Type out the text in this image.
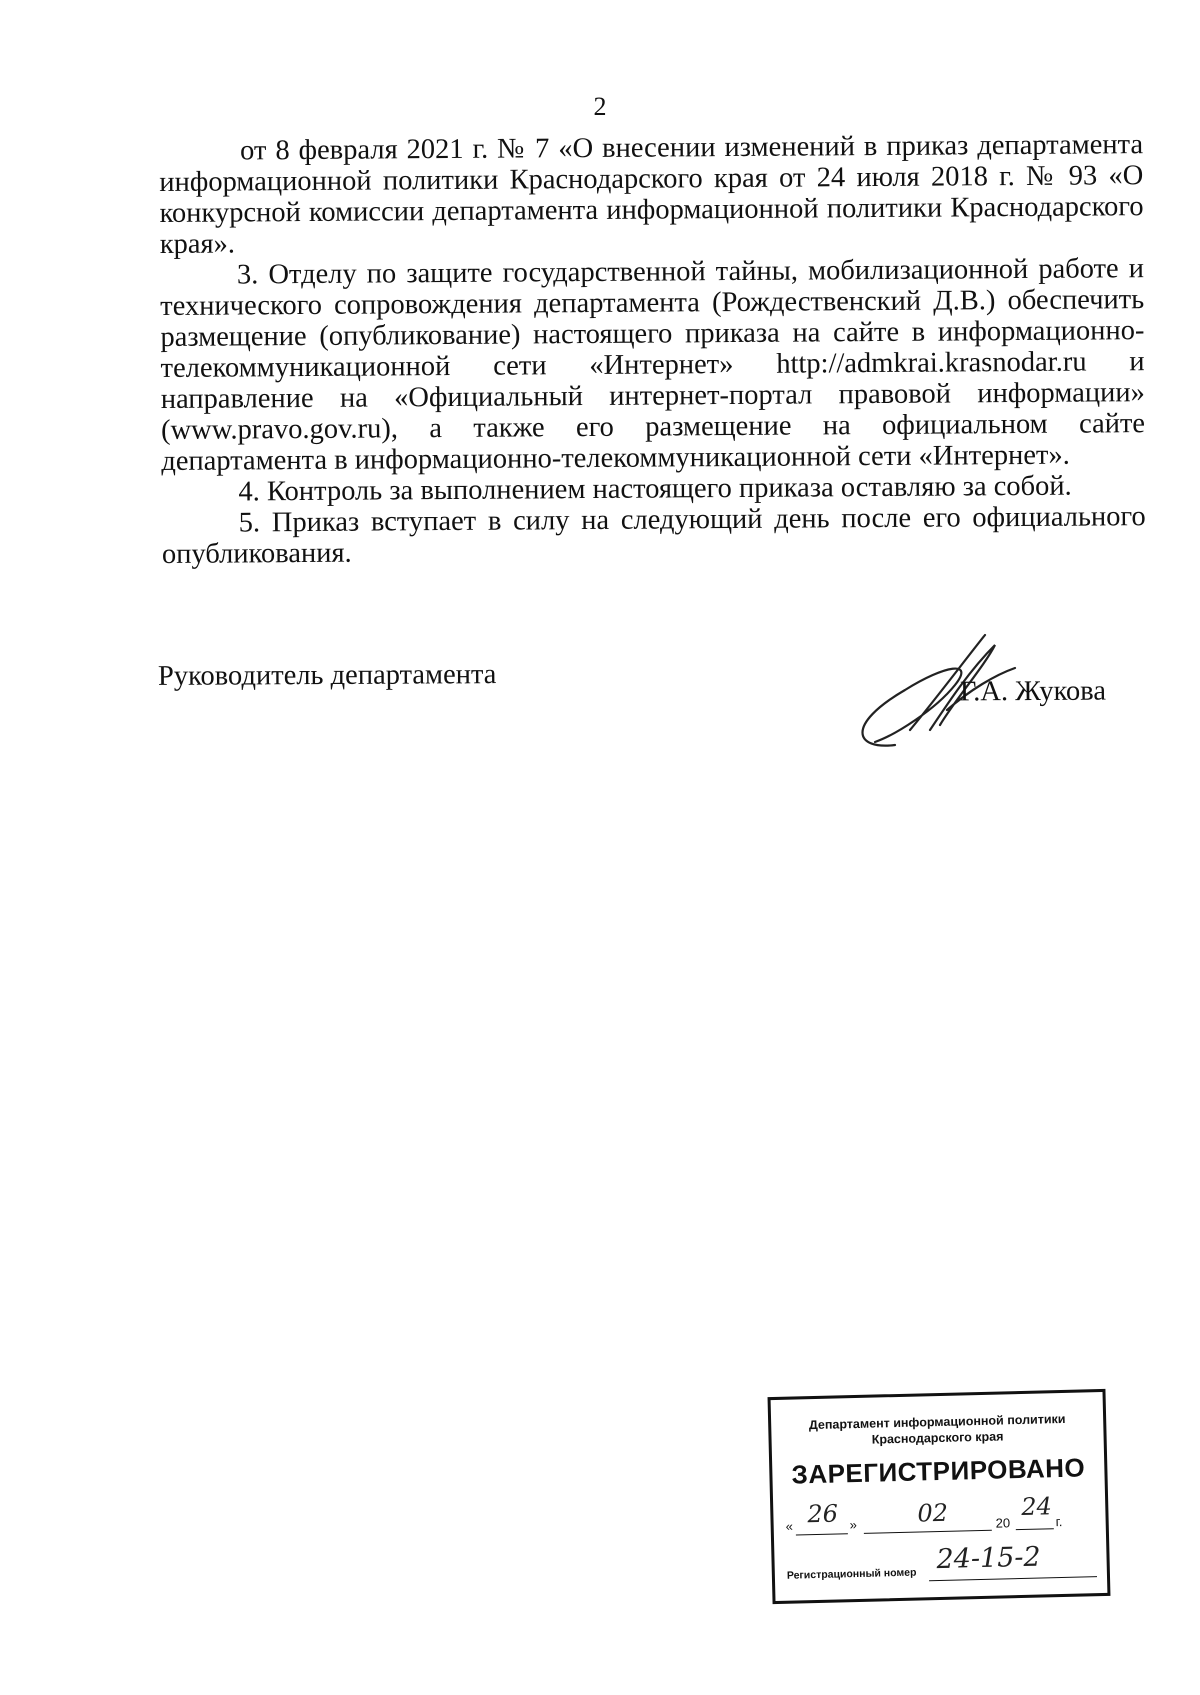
2

от 8 февраля 2021 г. № 7 «О внесении изменений в приказ департамента информационной политики Краснодарского края от 24 июля 2018 г. № 93 «О конкурсной комиссии департамента информационной политики Краснодарского края».

3. Отделу по защите государственной тайны, мобилизационной работе и технического сопровождения департамента (Рождественский Д.В.) обеспечить размещение (опубликование) настоящего приказа на сайте в информационно-телекоммуникационной сети «Интернет» http://admkrai.krasnodar.ru и направление на «Официальный интернет-портал правовой информации» (www.pravo.gov.ru), а также его размещение на официальном сайте департамента в информационно-телекоммуникационной сети «Интернет».

4. Контроль за выполнением настоящего приказа оставляю за собой.

5. Приказ вступает в силу на следующий день после его официального опубликования.

Руководитель департамента	Г.А. Жукова
Департамент информационной политики Краснодарского края
ЗАРЕГИСТРИРОВАНО
« 26 » 02	20
24
г.
Регистрационный номер 24-15-2
